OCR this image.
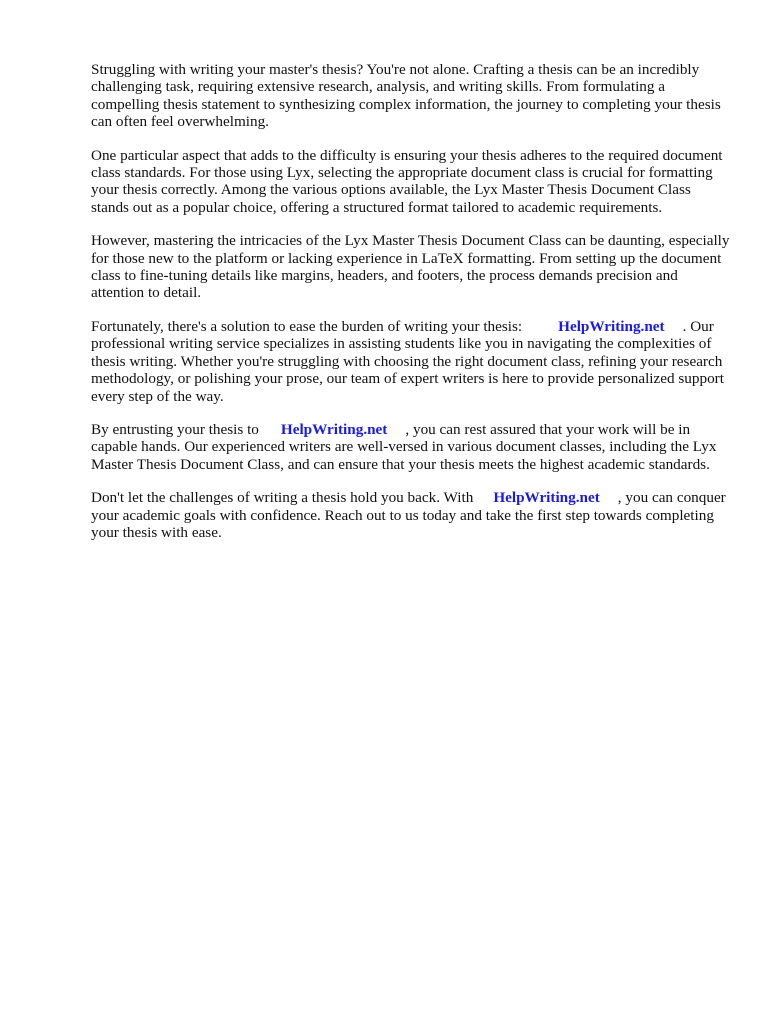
Struggling with writing your master's thesis? You're not alone. Crafting a thesis can be an incredibly challenging task, requiring extensive research, analysis, and writing skills. From formulating a compelling thesis statement to synthesizing complex information, the journey to completing your thesis can often feel overwhelming.

One particular aspect that adds to the difficulty is ensuring your thesis adheres to the required document class standards. For those using Lyx, selecting the appropriate document class is crucial for formatting your thesis correctly. Among the various options available, the Lyx Master Thesis Document Class stands out as a popular choice, offering a structured format tailored to academic requirements.

However, mastering the intricacies of the Lyx Master Thesis Document Class can be daunting, especially for those new to the platform or lacking experience in LaTeX formatting. From setting up the document class to fine-tuning details like margins, headers, and footers, the process demands precision and attention to detail.

Fortunately, there's a solution to ease the burden of writing your thesis: HelpWriting.net . Our professional writing service specializes in assisting students like you in navigating the complexities of thesis writing. Whether you're struggling with choosing the right document class, refining your research methodology, or polishing your prose, our team of expert writers is here to provide personalized support every step of the way.

By entrusting your thesis to HelpWriting.net , you can rest assured that your work will be in capable hands. Our experienced writers are well-versed in various document classes, including the Lyx Master Thesis Document Class, and can ensure that your thesis meets the highest academic standards.

Don't let the challenges of writing a thesis hold you back. With HelpWriting.net , you can conquer your academic goals with confidence. Reach out to us today and take the first step towards completing your thesis with ease.
